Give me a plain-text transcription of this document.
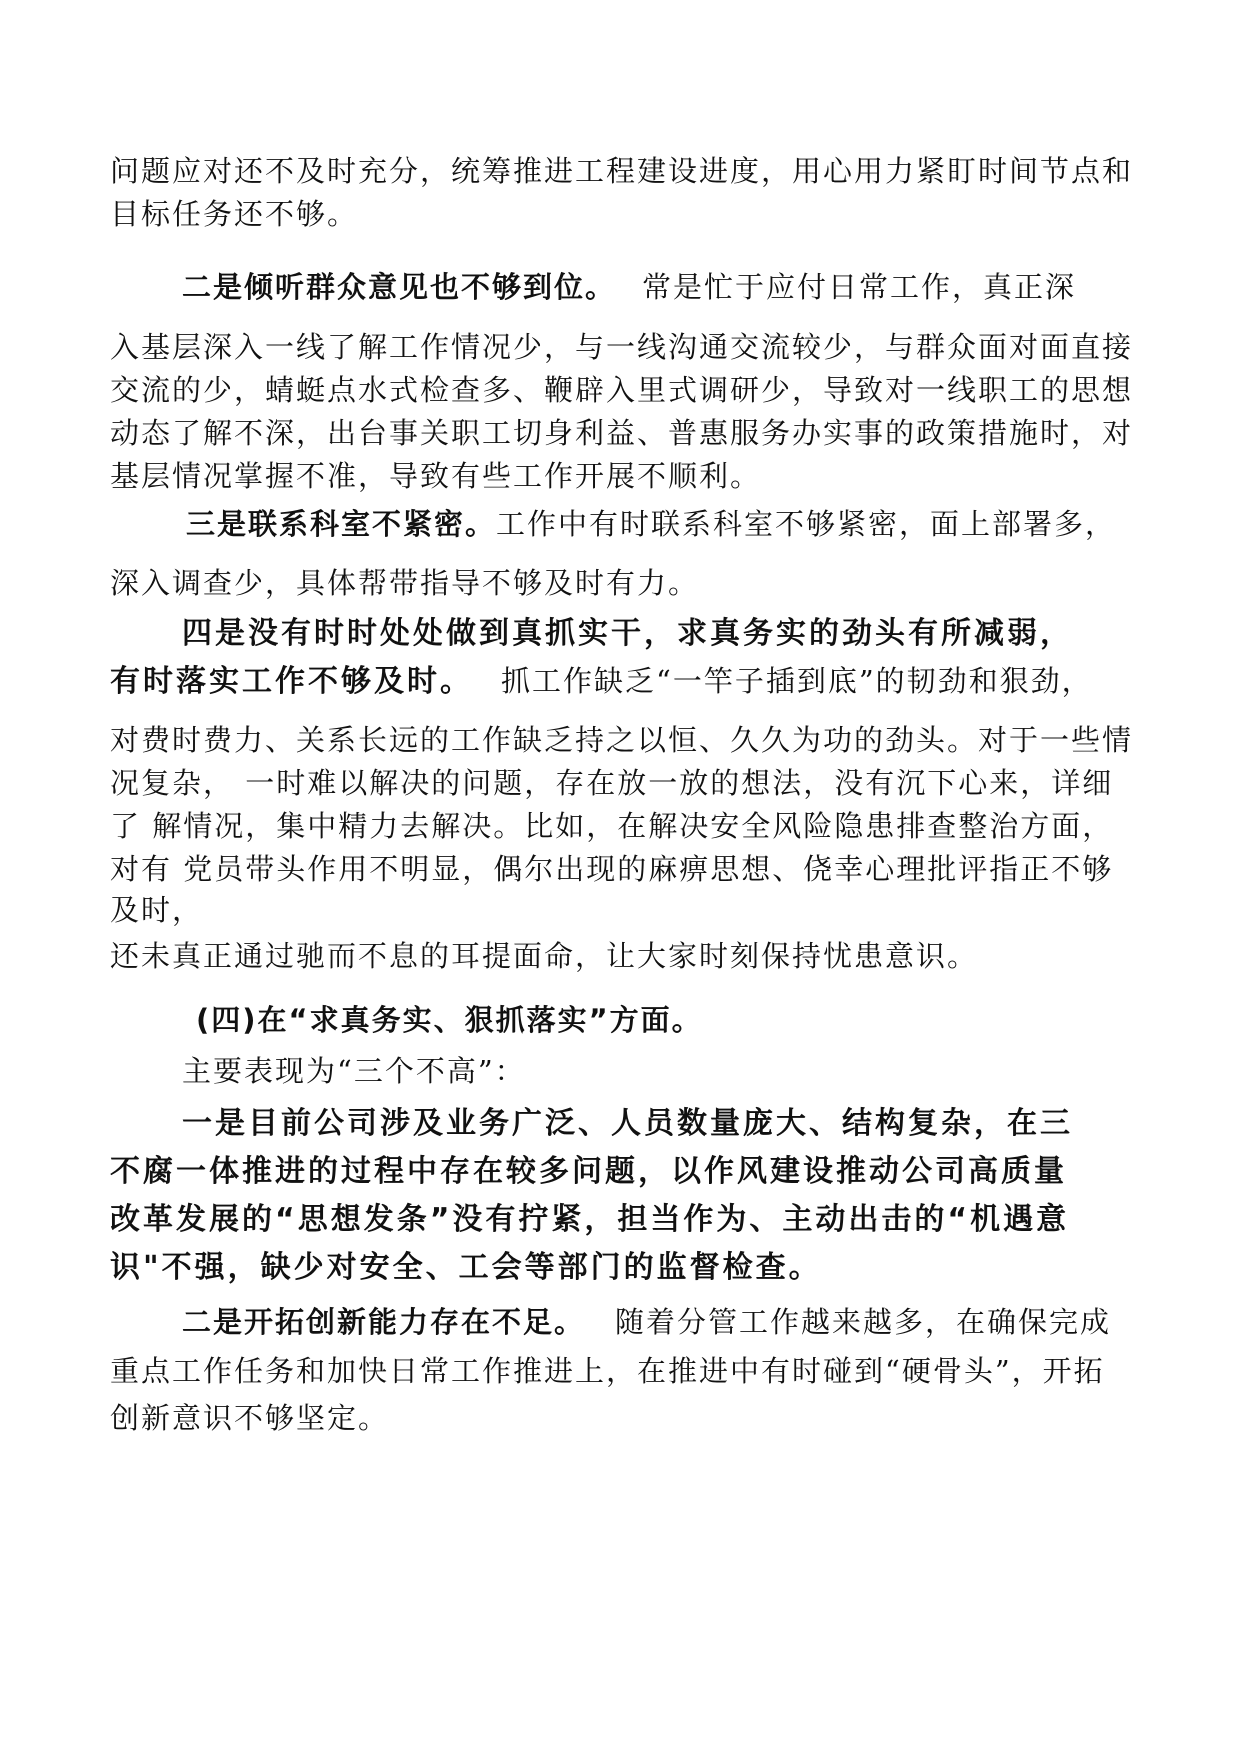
问题应对还不及时充分，统筹推进工程建设进度，用心用力紧盯时间节点和
目标任务还不够。
二是倾听群众意见也不够到位。 常是忙于应付日常工作，真正深
入基层深入一线了解工作情况少，与一线沟通交流较少，与群众面对面直接
交流的少，蜻蜓点水式检查多、鞭辟入里式调研少，导致对一线职工的思想
动态了解不深，出台事关职工切身利益、普惠服务办实事的政策措施时，对
基层情况掌握不准，导致有些工作开展不顺利。
三是联系科室不紧密。工作中有时联系科室不够紧密，面上部署多，
深入调查少，具体帮带指导不够及时有力。
四是没有时时处处做到真抓实干，求真务实的劲头有所减弱，
有时落实工作不够及时。 抓工作缺乏“一竿子插到底”的韧劲和狠劲，
对费时费力、关系长远的工作缺乏持之以恒、久久为功的劲头。对于一些情
况复杂， 一时难以解决的问题，存在放一放的想法，没有沉下心来，详细
了 解情况，集中精力去解决。比如，在解决安全风险隐患排查整治方面，
对有 党员带头作用不明显，偶尔出现的麻痹思想、侥幸心理批评指正不够
及时，
还未真正通过驰而不息的耳提面命，让大家时刻保持忧患意识。
(四)在“求真务实、狠抓落实”方面。
主要表现为“三个不高”：
一是目前公司涉及业务广泛、人员数量庞大、结构复杂，在三
不腐一体推进的过程中存在较多问题，以作风建设推动公司高质量
改革发展的“思想发条”没有拧紧，担当作为、主动出击的“机遇意
识"不强，缺少对安全、工会等部门的监督检查。
二是开拓创新能力存在不足。 随着分管工作越来越多，在确保完成
重点工作任务和加快日常工作推进上，在推进中有时碰到“硬骨头”，开拓
创新意识不够坚定。
